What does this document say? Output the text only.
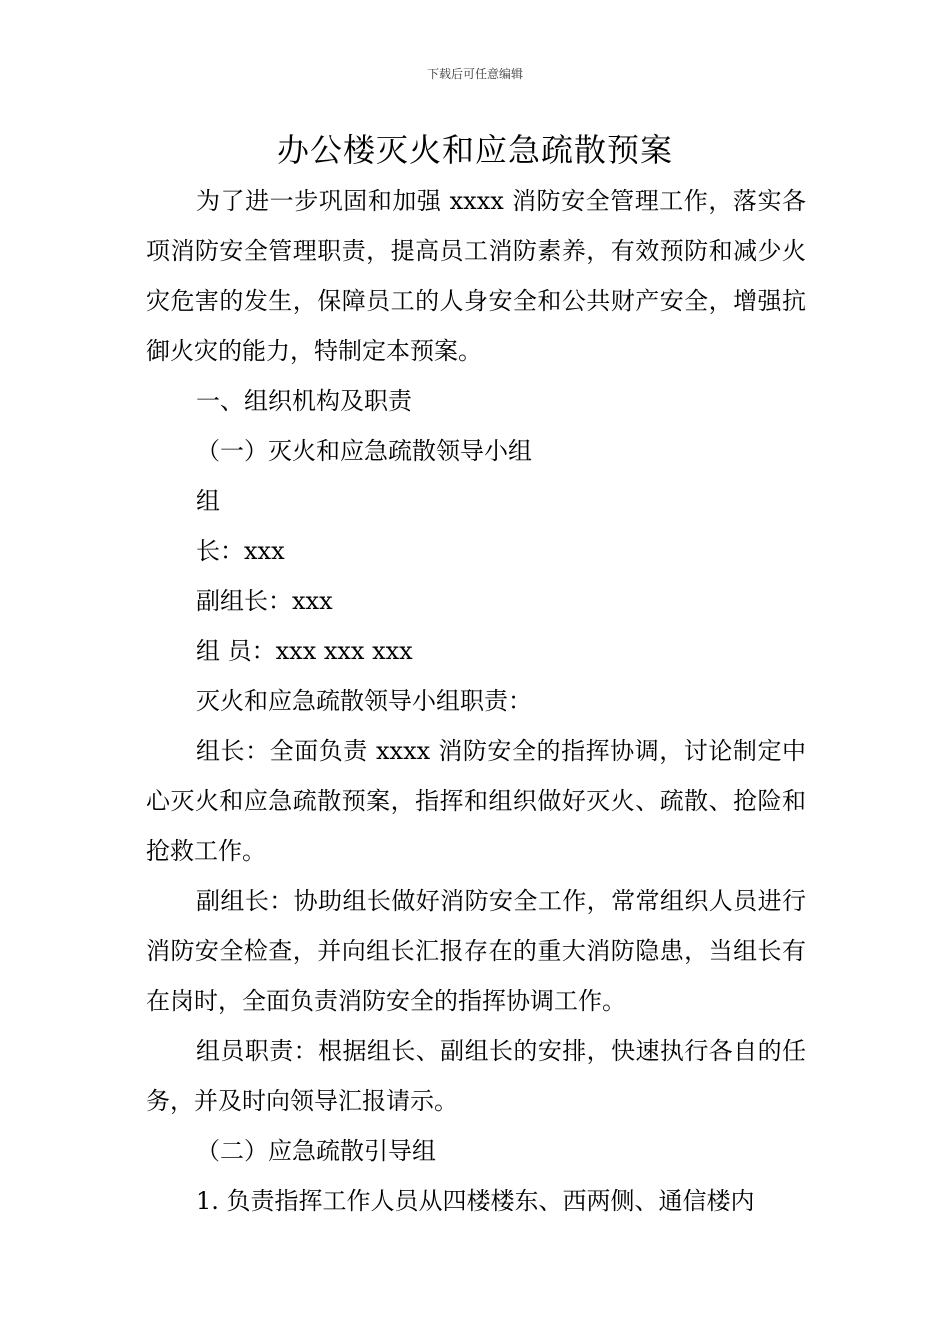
下载后可任意编辑
办公楼灭火和应急疏散预案

为了进一步巩固和加强 xxxx 消防安全管理工作，落实各项消防安全管理职责，提高员工消防素养，有效预防和减少火灾危害的发生，保障员工的人身安全和公共财产安全，增强抗御火灾的能力，特制定本预案。

一、组织机构及职责

（一）灭火和应急疏散领导小组

组

长：xxx

副组长：xxx

组 员：xxx xxx xxx

灭火和应急疏散领导小组职责：

组长：全面负责 xxxx 消防安全的指挥协调，讨论制定中心灭火和应急疏散预案，指挥和组织做好灭火、疏散、抢险和抢救工作。

副组长：协助组长做好消防安全工作，常常组织人员进行消防安全检查，并向组长汇报存在的重大消防隐患，当组长有在岗时，全面负责消防安全的指挥协调工作。

组员职责：根据组长、副组长的安排，快速执行各自的任务，并及时向领导汇报请示。

（二）应急疏散引导组

1. 负责指挥工作人员从四楼楼东、西两侧、通信楼内
